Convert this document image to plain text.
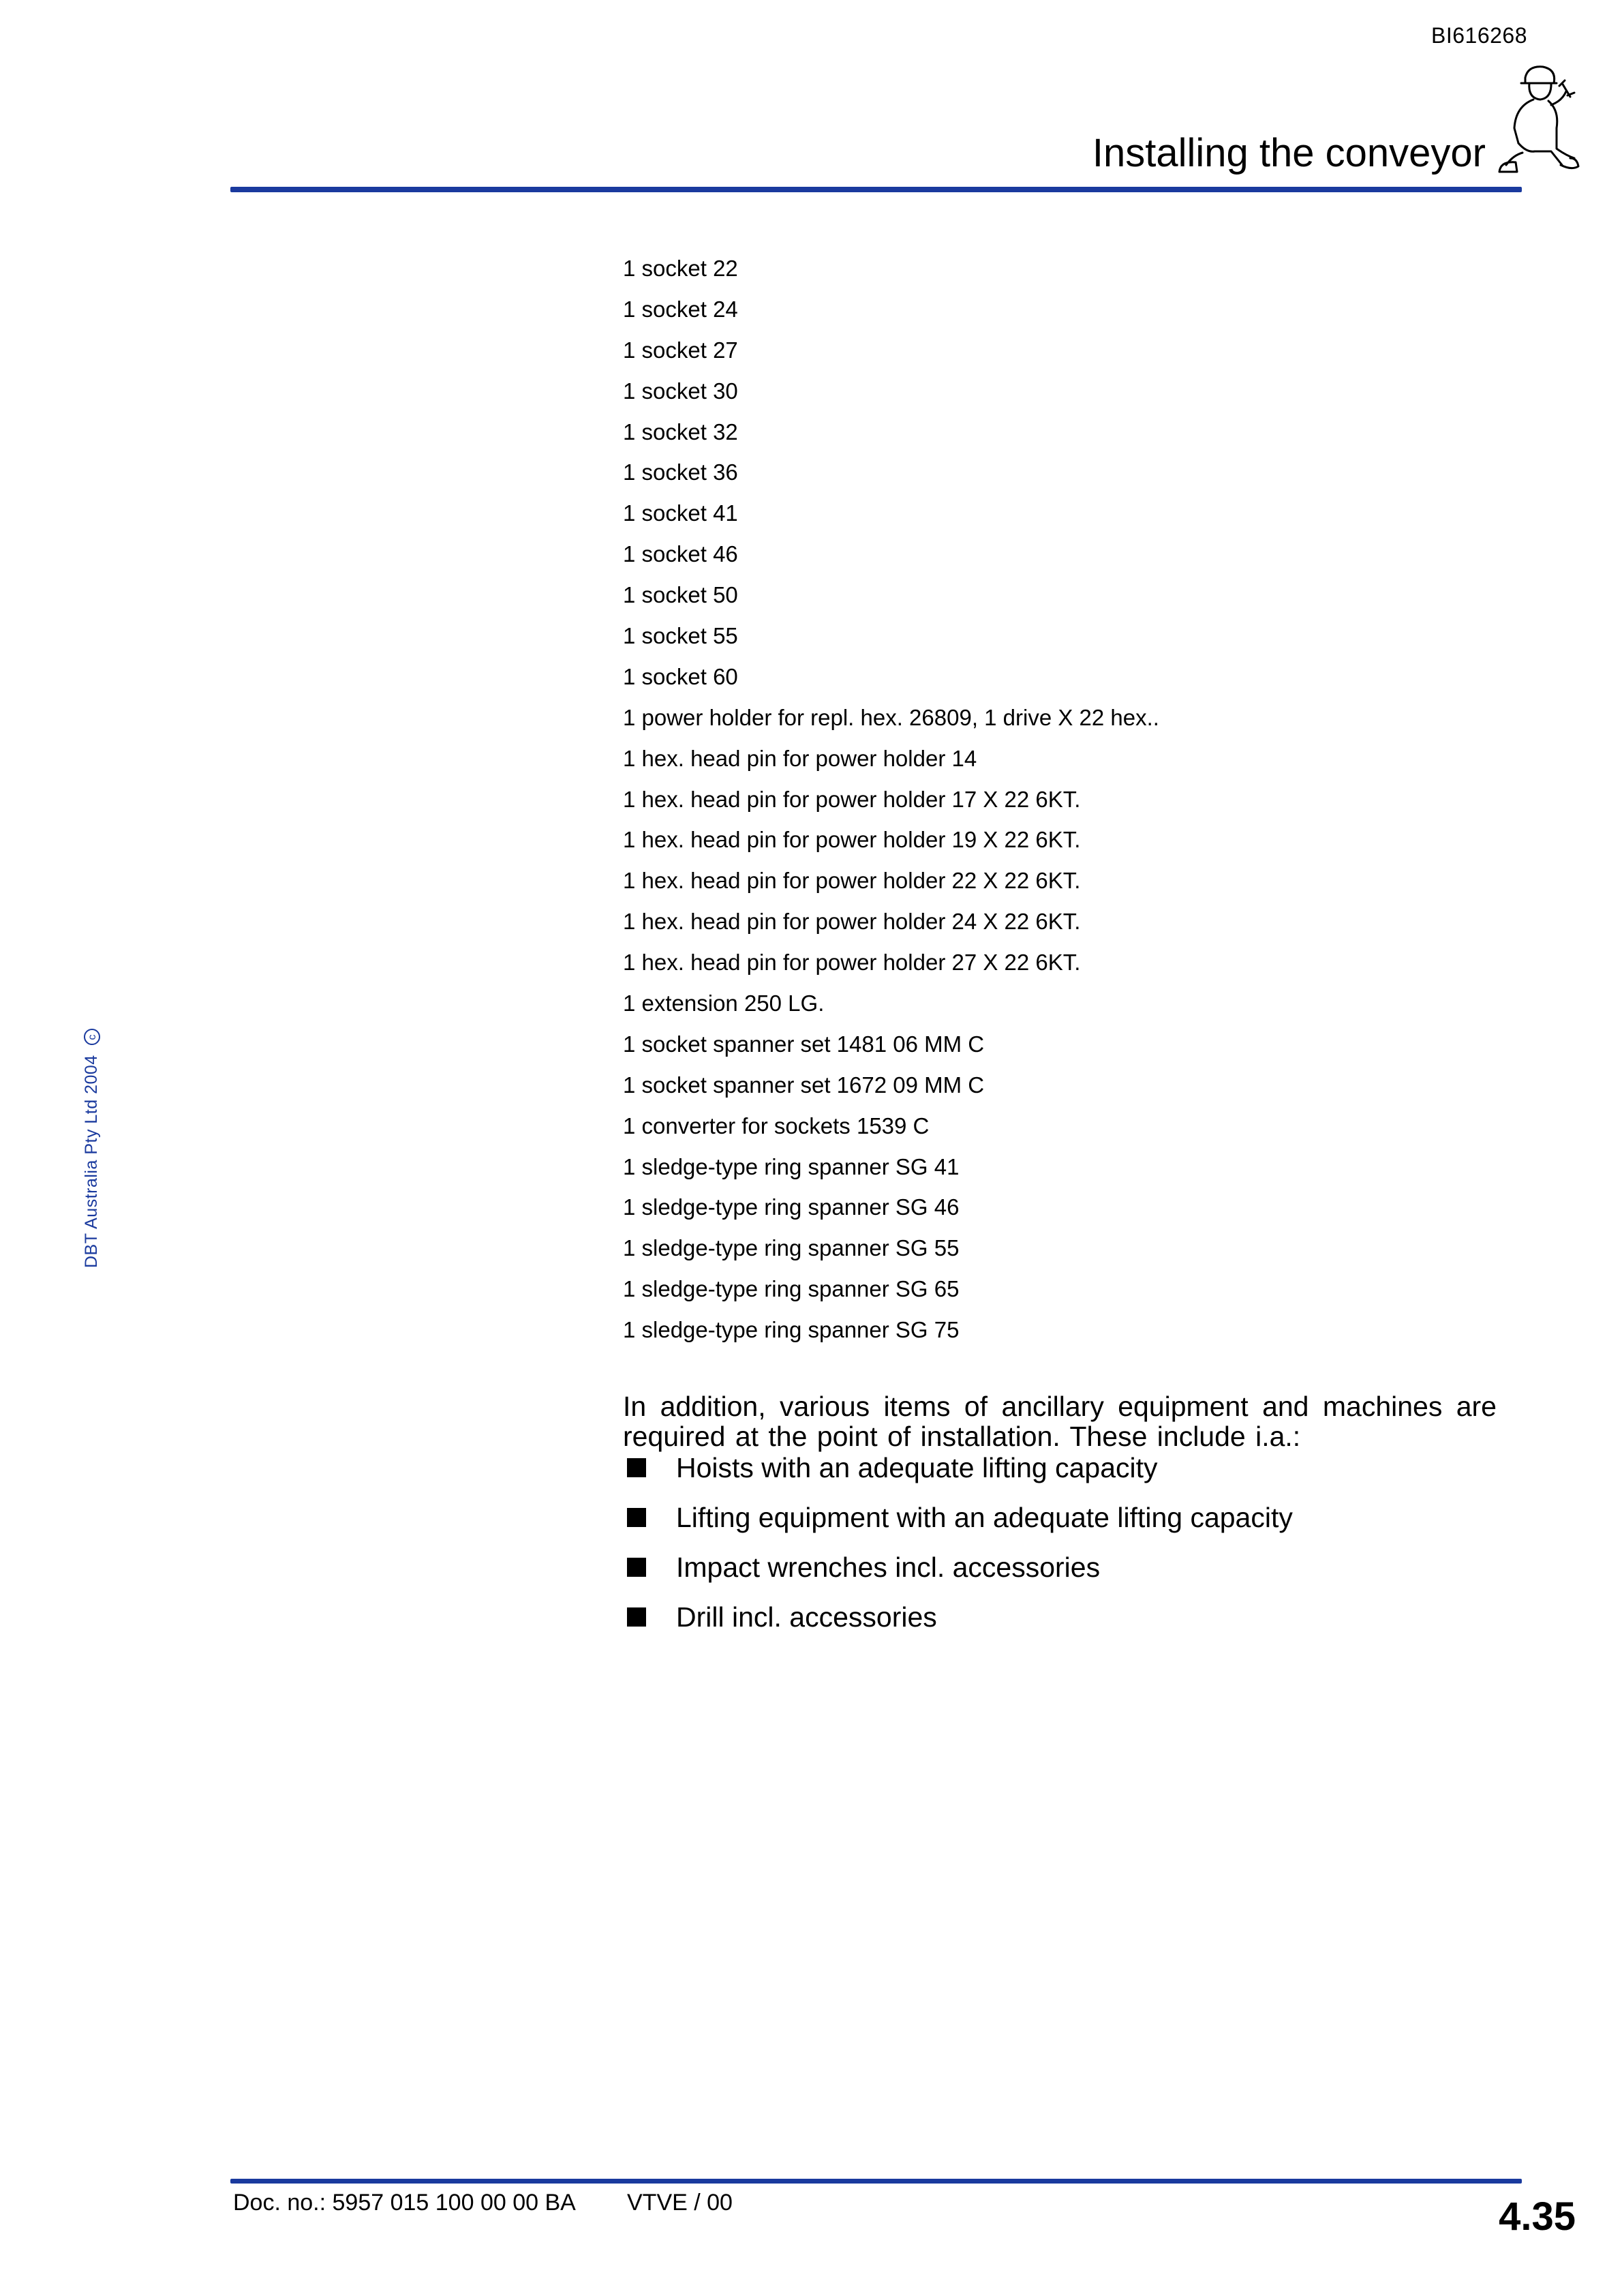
BI616268
Installing the conveyor
DBT Australia Pty Ltd 2004c
1 socket 22
1 socket 24
1 socket 27
1 socket 30
1 socket 32
1 socket 36
1 socket 41
1 socket 46
1 socket 50
1 socket 55
1 socket 60
1 power holder for repl. hex. 26809, 1 drive X 22 hex..
1 hex. head pin for power holder 14
1 hex. head pin for power holder 17 X 22 6KT.
1 hex. head pin for power holder 19 X 22 6KT.
1 hex. head pin for power holder 22 X 22 6KT.
1 hex. head pin for power holder 24 X 22 6KT.
1 hex. head pin for power holder 27 X 22 6KT.
1 extension 250 LG.
1 socket spanner set 1481 06 MM C
1 socket spanner set 1672 09 MM C
1 converter for sockets 1539 C
1 sledge-type ring spanner SG 41
1 sledge-type ring spanner SG 46
1 sledge-type ring spanner SG 55
1 sledge-type ring spanner SG 65
1 sledge-type ring spanner SG 75

In addition, various items of ancillary equipment and machines are required at the point of installation. These include i.a.:

Hoists with an adequate lifting capacity
Lifting equipment with an adequate lifting capacity
Impact wrenches incl. accessories
Drill incl. accessories
Doc. no.: 5957 015 100 00 00 BA VTVE / 00	4.35
